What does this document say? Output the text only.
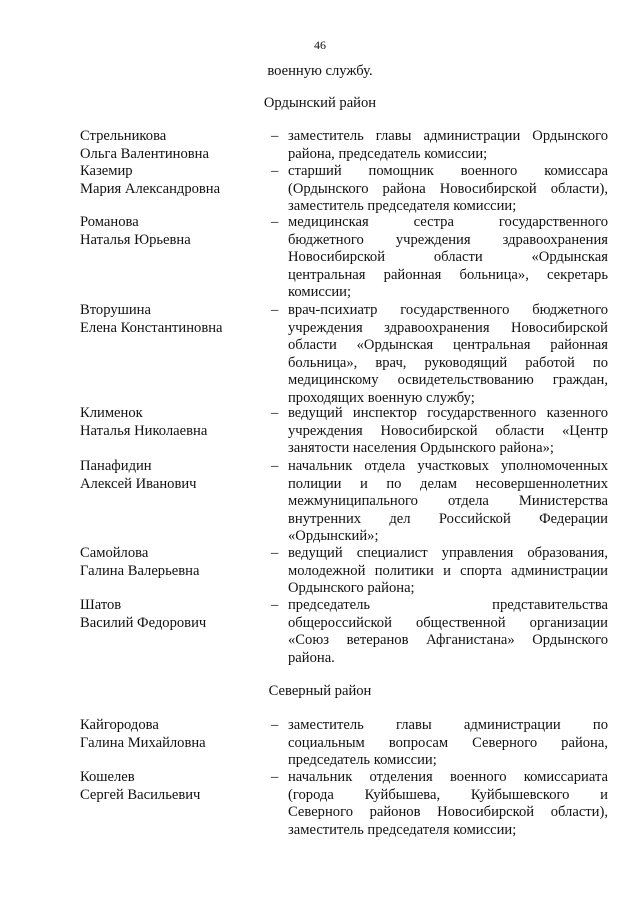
46
военную службу.
Ордынский район
Стрельникова
Ольга Валентиновна
– заместитель главы администрации Ордынского
района, председатель комиссии;
Каземир
Мария Александровна
– старший помощник военного комиссара
(Ордынского района Новосибирской области),
заместитель председателя комиссии;
Романова
Наталья Юрьевна
– медицинская сестра государственного
бюджетного учреждения здравоохранения
Новосибирской области «Ордынская
центральная районная больница», секретарь
комиссии;
Вторушина
Елена Константиновна
– врач-психиатр государственного бюджетного
учреждения здравоохранения Новосибирской
области «Ордынская центральная районная
больница», врач, руководящий работой по
медицинскому освидетельствованию граждан,
проходящих военную службу;
Клименок
Наталья Николаевна
– ведущий инспектор государственного казенного
учреждения Новосибирской области «Центр
занятости населения Ордынского района»;
Панафидин
Алексей Иванович
– начальник отдела участковых уполномоченных
полиции и по делам несовершеннолетних
межмуниципального отдела Министерства
внутренних дел Российской Федерации
«Ордынский»;
Самойлова
Галина Валерьевна
– ведущий специалист управления образования,
молодежной политики и спорта администрации
Ордынского района;
Шатов
Василий Федорович
– председатель представительства
общероссийской общественной организации
«Союз ветеранов Афганистана» Ордынского
района.
Северный район
Кайгородова
Галина Михайловна
– заместитель главы администрации по
социальным вопросам Северного района,
председатель комиссии;
Кошелев
Сергей Васильевич
– начальник отделения военного комиссариата
(города Куйбышева, Куйбышевского и
Северного районов Новосибирской области),
заместитель председателя комиссии;
